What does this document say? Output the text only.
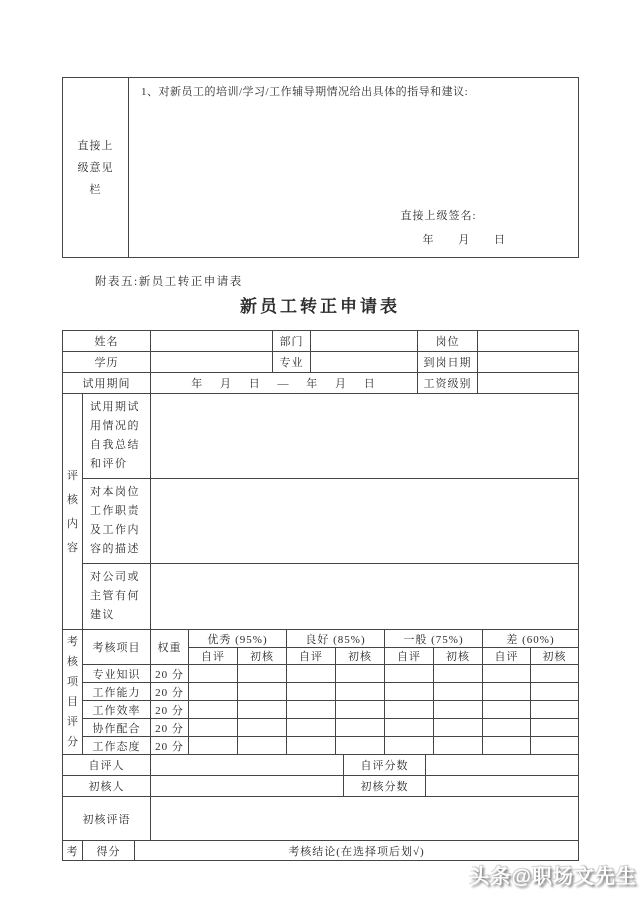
直接上级意见栏

1、对新员工的培训/学习/工作辅导期情况给出具体的指导和建议:
直接上级签名:
年 月 日
附表五:新员工转正申请表
新员工转正申请表
姓名		部门		岗位	
学历		专业		到岗日期	
试用期间	年 月 日 — 年 月 日			工资级别	
评核内容	试用期试用情况的自我总结和评价	

	对本岗位工作职责及工作内容的描述	

	对公司或主管有何建议	

考核项目评分	考核项目	权重	优秀 (95%)		良好 (85%)		一般 (75%)		差 (60%)	
			自评	初核	自评	初核	自评	初核	自评	初核
	专业知识	20 分								
	工作能力	20 分								
	工作效率	20 分								
	协作配合	20 分								
	工作态度	20 分								
自评人		自评分数	
初核人		初核分数	
初核评语	
考	得分	考核结论(在选择项后划√)
头条@职场文先生
